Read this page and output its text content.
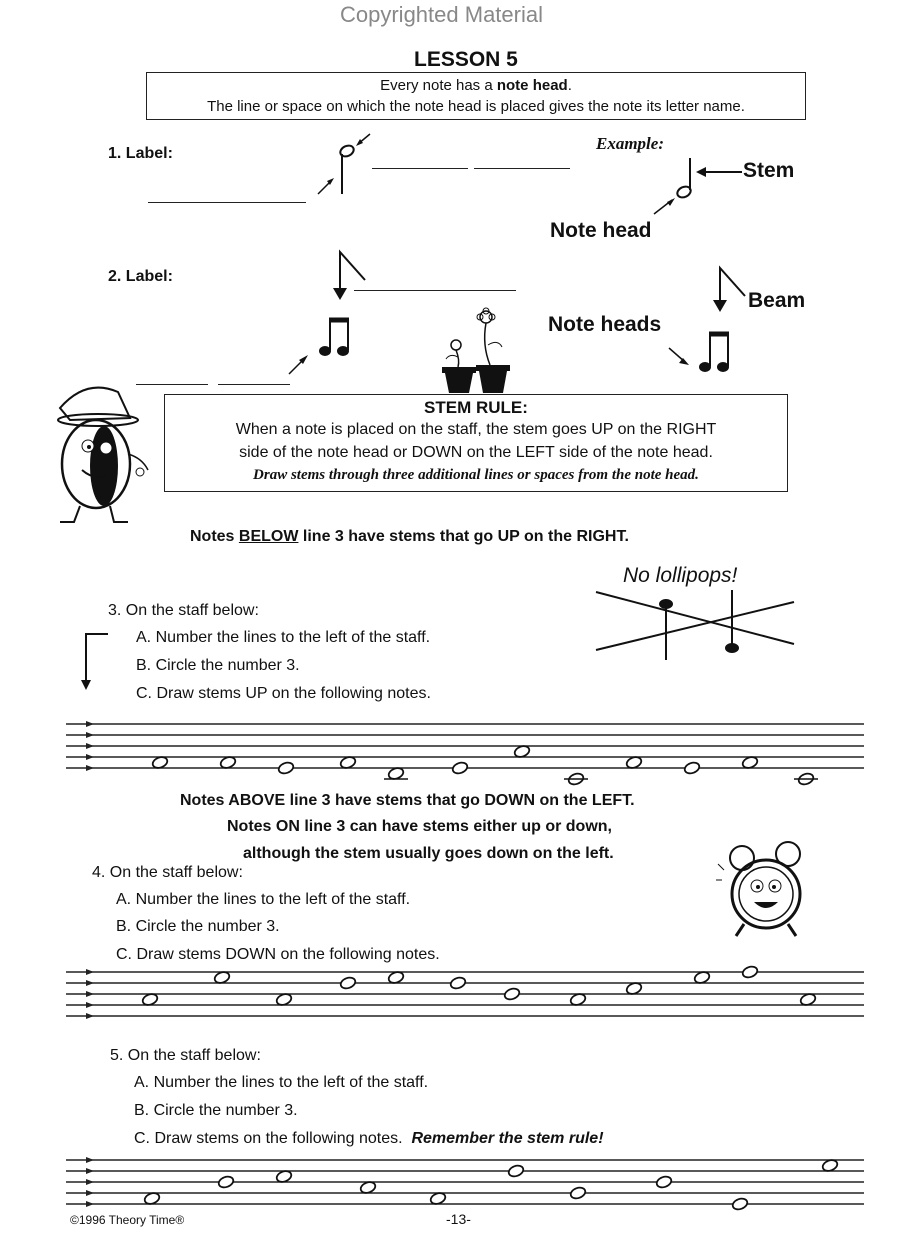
Copyrighted Material
LESSON 5
Every note has a note head.
The line or space on which the note head is placed gives the note its letter name.
1. Label:
Example:
Stem
Note head
2. Label:
Beam
Note heads
STEM RULE:
When a note is placed on the staff, the stem goes UP on the RIGHT
side of the note head or DOWN on the LEFT side of the note head.
Draw stems through three additional lines or spaces from the note head.
Notes BELOW line 3 have stems that go UP on the RIGHT.
No lollipops!
3. On the staff below:
A. Number the lines to the left of the staff.
B. Circle the number 3.
C. Draw stems UP on the following notes.
Notes ABOVE line 3 have stems that go DOWN on the LEFT.
Notes ON line 3 can have stems either up or down,
although the stem usually goes down on the left.
4. On the staff below:
A. Number the lines to the left of the staff.
B. Circle the number 3.
C. Draw stems DOWN on the following notes.
5. On the staff below:
A. Number the lines to the left of the staff.
B. Circle the number 3.
C. Draw stems on the following notes. Remember the stem rule!
©1996 Theory Time®	-13-
